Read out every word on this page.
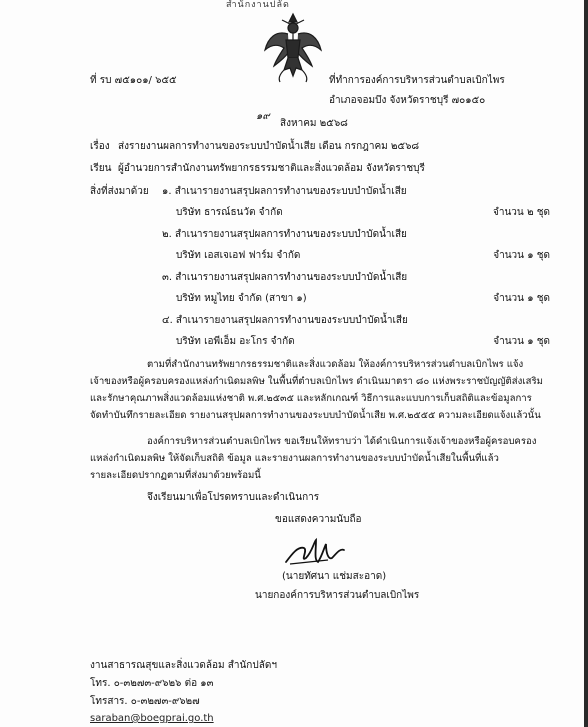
สำนักงานปลัด
ที่ รบ ๗๕๑๐๑/ ๖๕๕	ที่ทำการองค์การบริหารส่วนตำบลเบิกไพร
อำเภอจอมบึง จังหวัดราชบุรี ๗๐๑๕๐
๑๙
สิงหาคม ๒๕๖๘
เรื่อง ส่งรายงานผลการทำงานของระบบบำบัดน้ำเสีย เดือน กรกฎาคม ๒๕๖๘
เรียน ผู้อำนวยการสำนักงานทรัพยากรธรรมชาติและสิ่งแวดล้อม จังหวัดราชบุรี
สิ่งที่ส่งมาด้วย ๑. สำเนารายงานสรุปผลการทำงานของระบบบำบัดน้ำเสีย
บริษัท ธารณ์ธนวัต จำกัด	จำนวน ๒ ชุด
๒. สำเนารายงานสรุปผลการทำงานของระบบบำบัดน้ำเสีย
บริษัท เอสเจเอฟ ฟาร์ม จำกัด	จำนวน ๑ ชุด
๓. สำเนารายงานสรุปผลการทำงานของระบบบำบัดน้ำเสีย
บริษัท หมูไทย จำกัด (สาขา ๑)	จำนวน ๑ ชุด
๔. สำเนารายงานสรุปผลการทำงานของระบบบำบัดน้ำเสีย
บริษัท เอพีเอ็ม อะโกร จำกัด	จำนวน ๑ ชุด
ตามที่สำนักงานทรัพยากรธรรมชาติและสิ่งแวดล้อม ให้องค์การบริหารส่วนตำบลเบิกไพร แจ้ง
เจ้าของหรือผู้ครอบครองแหล่งกำเนิดมลพิษ ในพื้นที่ตำบลเบิกไพร ดำเนินมาตรา ๘๐ แห่งพระราชบัญญัติส่งเสริม
และรักษาคุณภาพสิ่งแวดล้อมแห่งชาติ พ.ศ.๒๕๓๕ และหลักเกณฑ์ วิธีการและแบบการเก็บสถิติและข้อมูลการ
จัดทำบันทึกรายละเอียด รายงานสรุปผลการทำงานของระบบบำบัดน้ำเสีย พ.ศ.๒๕๕๕ ความละเอียดแจ้งแล้วนั้น
องค์การบริหารส่วนตำบลเบิกไพร ขอเรียนให้ทราบว่า ได้ดำเนินการแจ้งเจ้าของหรือผู้ครอบครอง
แหล่งกำเนิดมลพิษ ให้จัดเก็บสถิติ ข้อมูล และรายงานผลการทำงานของระบบบำบัดน้ำเสียในพื้นที่แล้ว
รายละเอียดปรากฏตามที่ส่งมาด้วยพร้อมนี้
จึงเรียนมาเพื่อโปรดทราบและดำเนินการ
ขอแสดงความนับถือ
(นายทัศนา แช่มสะอาด)
นายกองค์การบริหารส่วนตำบลเบิกไพร
งานสาธารณสุขและสิ่งแวดล้อม สำนักปลัดฯ
โทร. ๐-๓๒๗๓-๙๖๒๖ ต่อ ๑๓
โทรสาร. ๐-๓๒๗๓-๙๖๒๗
saraban@boegprai.go.th
